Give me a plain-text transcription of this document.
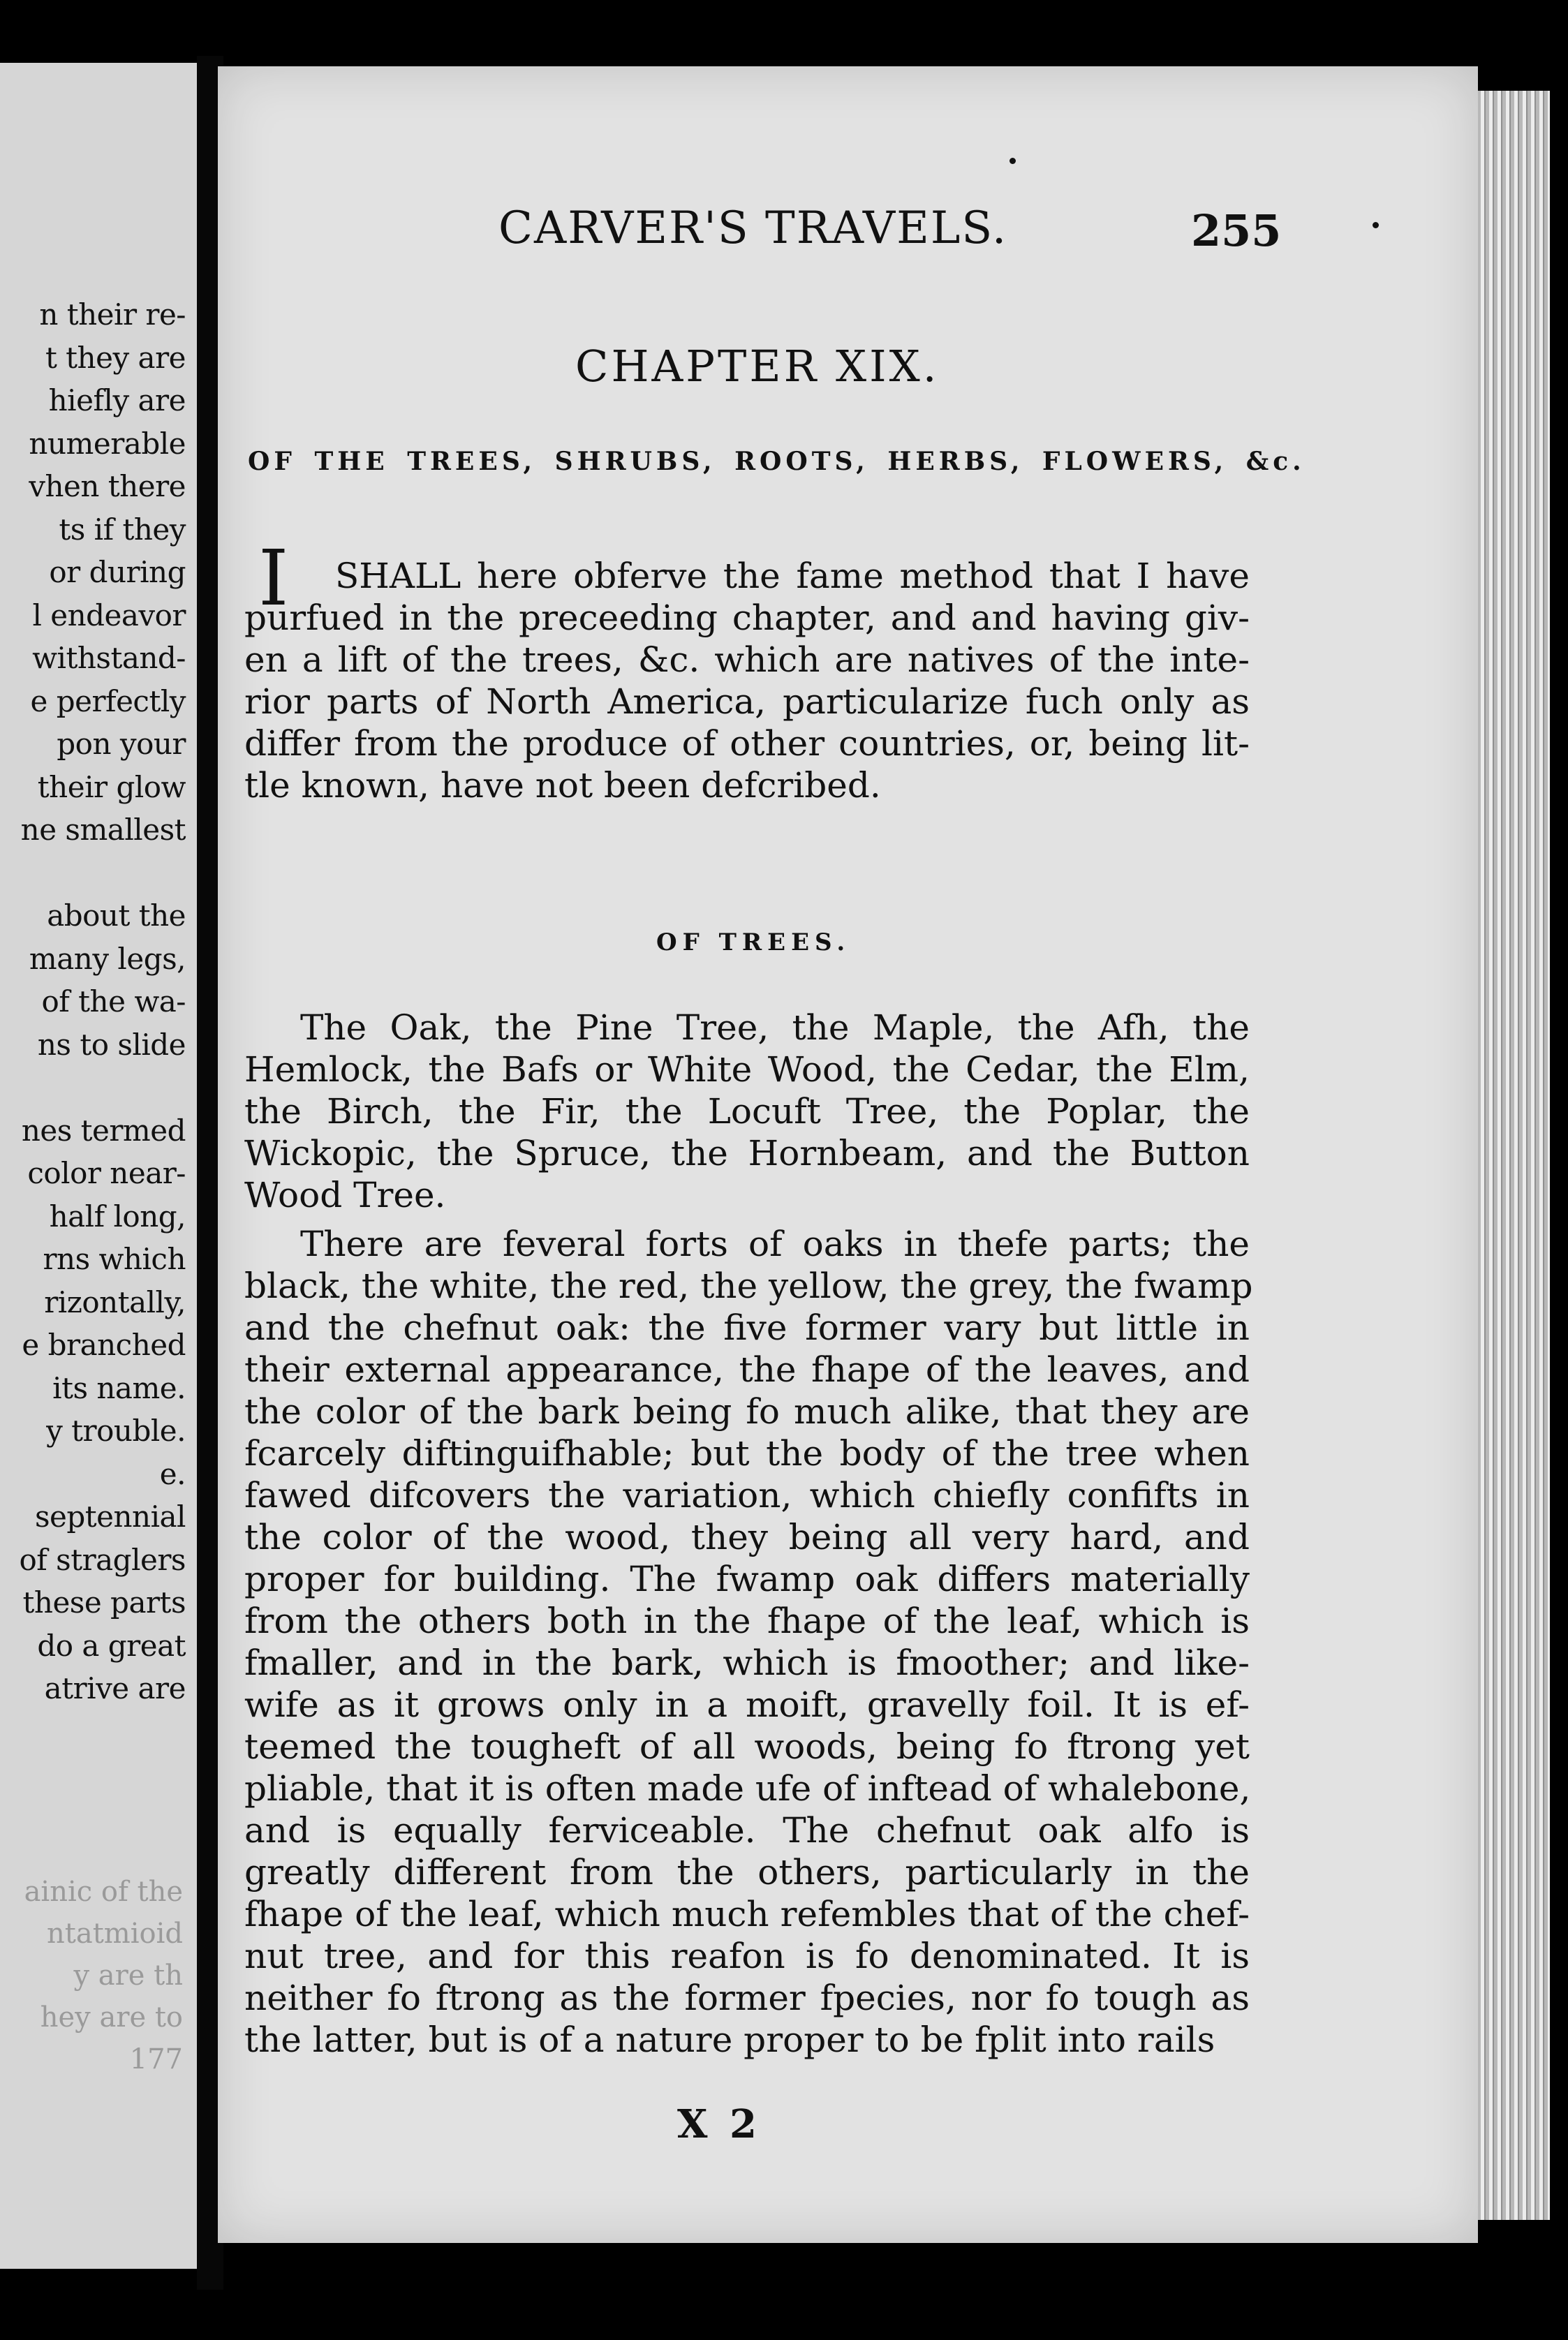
n their re-
t they are
hiefly are
numerable
vhen there
ts if they
or during
l endeavor
withstand-
e perfectly
pon your
their glow
ne smallest
about the
many legs,
of the wa-
ns to slide
nes termed
color near-
half long,
rns which
rizontally,
e branched
its name.
y trouble.
e.
septennial
of straglers
these parts
do a great
atrive are
ainic of the
ntatmioid
y are th
hey are to
177
CARVER'S TRAVELS.	255
CHAPTER XIX.
OF THE TREES, SHRUBS, ROOTS, HERBS, FLOWERS, &c.
I	SHALL here obferve the fame method that I have
purfued in the preceeding chapter, and and having giv-
en a lift of the trees, &c. which are natives of the inte-
rior parts of North America, particularize fuch only as
differ from the produce of other countries, or, being lit-
tle known, have not been defcribed.
OF TREES.
The Oak, the Pine Tree, the Maple, the Afh, the
Hemlock, the Bafs or White Wood, the Cedar, the Elm,
the Birch, the Fir, the Locuft Tree, the Poplar, the
Wickopic, the Spruce, the Hornbeam, and the Button
Wood Tree.
There are feveral forts of oaks in thefe parts; the
black, the white, the red, the yellow, the grey, the fwamp
and the chefnut oak: the five former vary but little in
their external appearance, the fhape of the leaves, and
the color of the bark being fo much alike, that they are
fcarcely diftinguifhable; but the body of the tree when
fawed difcovers the variation, which chiefly confifts in
the color of the wood, they being all very hard, and
proper for building. The fwamp oak differs materially
from the others both in the fhape of the leaf, which is
fmaller, and in the bark, which is fmoother; and like-
wife as it grows only in a moift, gravelly foil. It is ef-
teemed the tougheft of all woods, being fo ftrong yet
pliable, that it is often made ufe of inftead of whalebone,
and is equally ferviceable. The chefnut oak alfo is
greatly different from the others, particularly in the
fhape of the leaf, which much refembles that of the chef-
nut tree, and for this reafon is fo denominated. It is
neither fo ftrong as the former fpecies, nor fo tough as
the latter, but is of a nature proper to be fplit into rails
X 2
